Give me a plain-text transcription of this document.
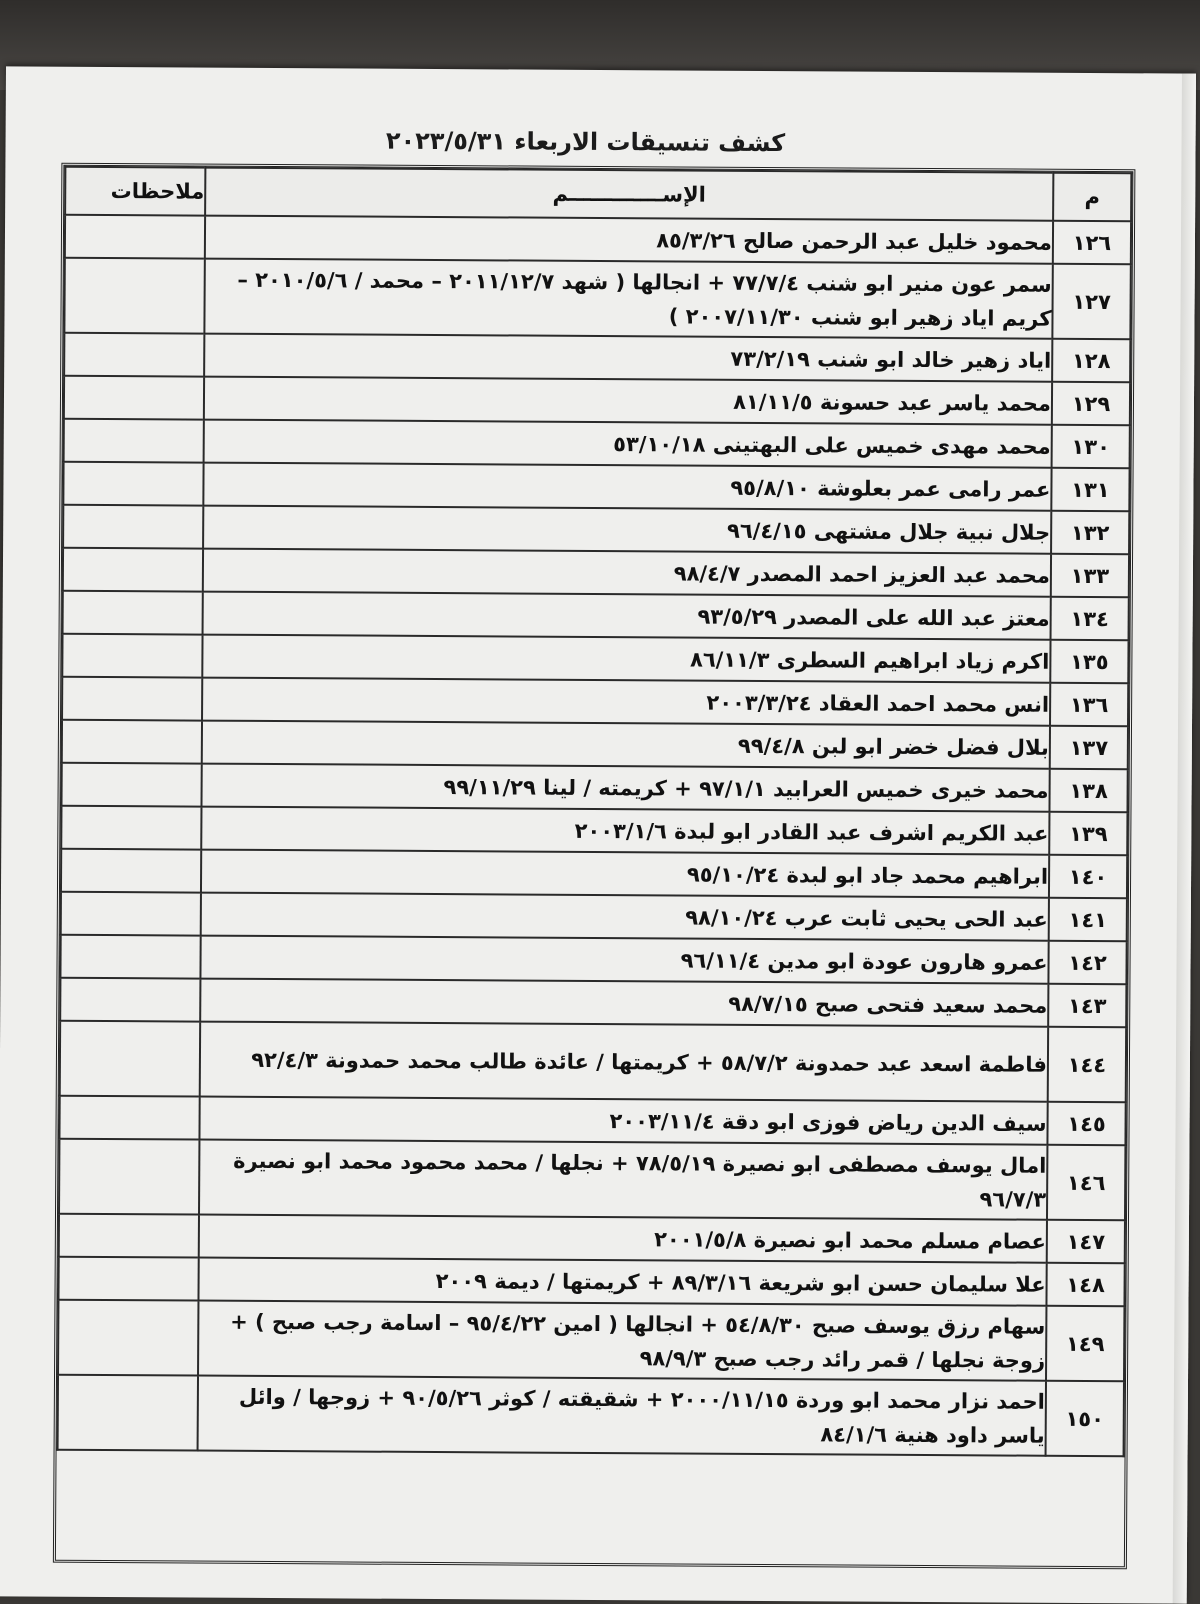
كشف تنسيقات الاربعاء ٢٠٢٣/٥/٣١
م	الإســـــــــــــم	ملاحظات
١٢٦	محمود خليل عبد الرحمن صالح ٨٥/٣/٢٦	
١٢٧	سمر عون منير ابو شنب ٧٧/٧/٤ + انجالها ( شهد ٢٠١١/١٢/٧ – محمد / ٢٠١٠/٥/٦ – كريم اياد زهير ابو شنب ٢٠٠٧/١١/٣٠ )	
١٢٨	اياد زهير خالد ابو شنب ٧٣/٢/١٩	
١٢٩	محمد ياسر عبد حسونة ٨١/١١/٥	
١٣٠	محمد مهدى خميس على البهتينى ٥٣/١٠/١٨	
١٣١	عمر رامى عمر بعلوشة ٩٥/٨/١٠	
١٣٢	جلال نبية جلال مشتهى ٩٦/٤/١٥	
١٣٣	محمد عبد العزيز احمد المصدر ٩٨/٤/٧	
١٣٤	معتز عبد الله على المصدر ٩٣/٥/٢٩	
١٣٥	اكرم زياد ابراهيم السطرى ٨٦/١١/٣	
١٣٦	انس محمد احمد العقاد ٢٠٠٣/٣/٢٤	
١٣٧	بلال فضل خضر ابو لبن ٩٩/٤/٨	
١٣٨	محمد خيرى خميس العرابيد ٩٧/١/١ + كريمته / لينا ٩٩/١١/٢٩	
١٣٩	عبد الكريم اشرف عبد القادر ابو لبدة ٢٠٠٣/١/٦	
١٤٠	ابراهيم محمد جاد ابو لبدة ٩٥/١٠/٢٤	
١٤١	عبد الحى يحيى ثابت عرب ٩٨/١٠/٢٤	
١٤٢	عمرو هارون عودة ابو مدين ٩٦/١١/٤	
١٤٣	محمد سعيد فتحى صبح ٩٨/٧/١٥	
١٤٤	فاطمة اسعد عبد حمدونة ٥٨/٧/٢ + كريمتها / عائدة طالب محمد حمدونة ٩٢/٤/٣	
١٤٥	سيف الدين رياض فوزى ابو دقة ٢٠٠٣/١١/٤	
١٤٦	امال يوسف مصطفى ابو نصيرة ٧٨/٥/١٩ + نجلها / محمد محمود محمد ابو نصيرة ٩٦/٧/٣	
١٤٧	عصام مسلم محمد ابو نصيرة ٢٠٠١/٥/٨	
١٤٨	علا سليمان حسن ابو شريعة ٨٩/٣/١٦ + كريمتها / ديمة ٢٠٠٩	
١٤٩	سهام رزق يوسف صبح ٥٤/٨/٣٠ + انجالها ( امين ٩٥/٤/٢٢ – اسامة رجب صبح ) + زوجة نجلها / قمر رائد رجب صبح ٩٨/٩/٣	
١٥٠	احمد نزار محمد ابو وردة ٢٠٠٠/١١/١٥ + شقيقته / كوثر ٩٠/٥/٢٦ + زوجها / وائل ياسر داود هنية ٨٤/١/٦	
